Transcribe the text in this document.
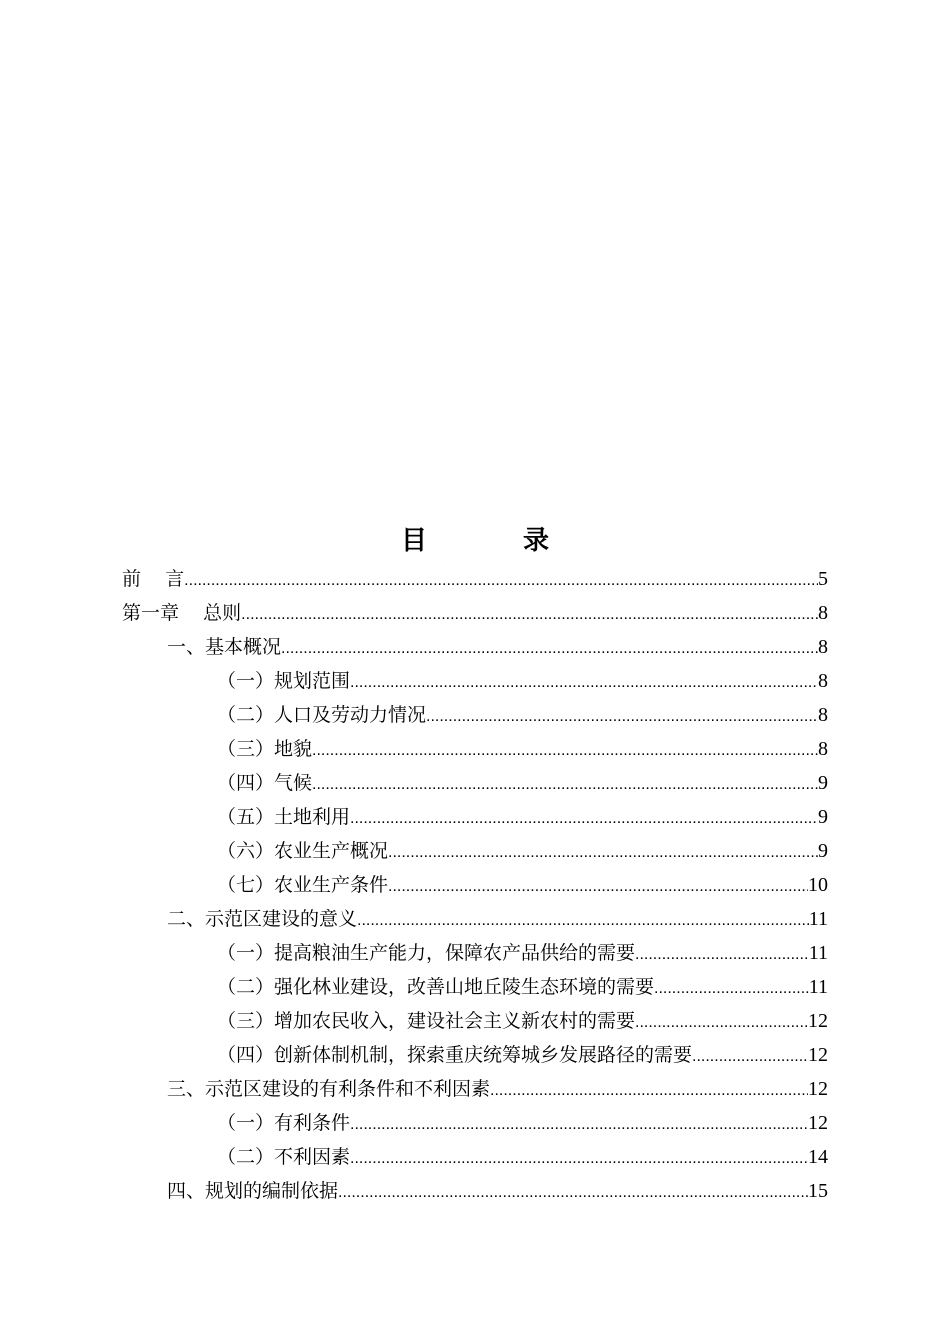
目  录
前    言 .....	5
第一章    总则 .....	8
一、基本概况 .....	8
（一）规划范围 .....	8
（二）人口及劳动力情况 .....	8
（三）地貌 .....	8
（四）气候 .....	9
（五）土地利用 .....	9
（六）农业生产概况 .....	9
（七）农业生产条件 .....	10
二、示范区建设的意义 .....	11
（一）提高粮油生产能力，保障农产品供给的需要 .....	11
（二）强化林业建设，改善山地丘陵生态环境的需要 .....	11
（三）增加农民收入，建设社会主义新农村的需要 .....	12
（四）创新体制机制，探索重庆统筹城乡发展路径的需要 .....	12
三、示范区建设的有利条件和不利因素 .....	12
（一）有利条件 .....	12
（二）不利因素 .....	14
四、规划的编制依据 .....	15
